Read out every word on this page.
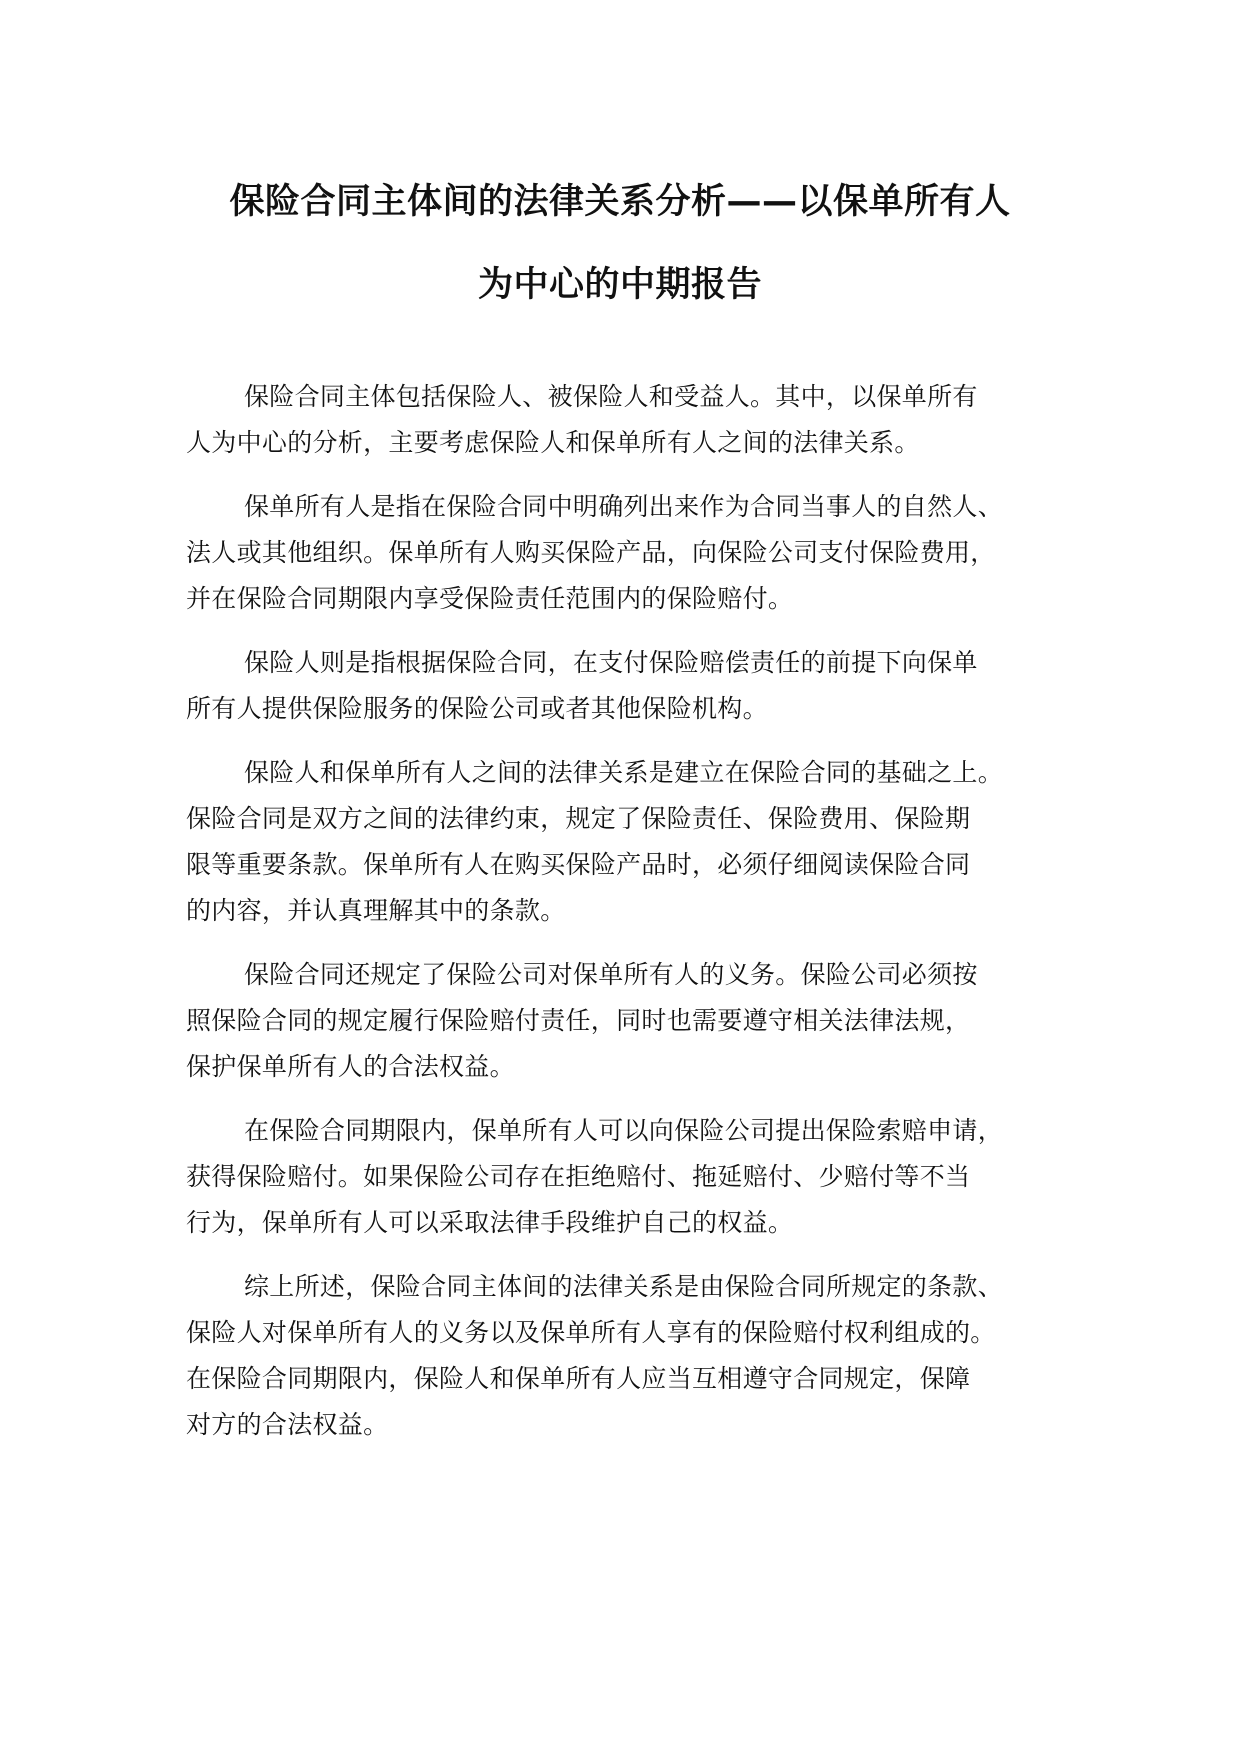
保险合同主体间的法律关系分析——以保单所有人
为中心的中期报告
保险合同主体包括保险人、被保险人和受益人。其中，以保单所有
人为中心的分析，主要考虑保险人和保单所有人之间的法律关系。
保单所有人是指在保险合同中明确列出来作为合同当事人的自然人、
法人或其他组织。保单所有人购买保险产品，向保险公司支付保险费用，
并在保险合同期限内享受保险责任范围内的保险赔付。
保险人则是指根据保险合同，在支付保险赔偿责任的前提下向保单
所有人提供保险服务的保险公司或者其他保险机构。
保险人和保单所有人之间的法律关系是建立在保险合同的基础之上。
保险合同是双方之间的法律约束，规定了保险责任、保险费用、保险期
限等重要条款。保单所有人在购买保险产品时，必须仔细阅读保险合同
的内容，并认真理解其中的条款。
保险合同还规定了保险公司对保单所有人的义务。保险公司必须按
照保险合同的规定履行保险赔付责任，同时也需要遵守相关法律法规，
保护保单所有人的合法权益。
在保险合同期限内，保单所有人可以向保险公司提出保险索赔申请，
获得保险赔付。如果保险公司存在拒绝赔付、拖延赔付、少赔付等不当
行为，保单所有人可以采取法律手段维护自己的权益。
综上所述，保险合同主体间的法律关系是由保险合同所规定的条款、
保险人对保单所有人的义务以及保单所有人享有的保险赔付权利组成的。
在保险合同期限内，保险人和保单所有人应当互相遵守合同规定，保障
对方的合法权益。
